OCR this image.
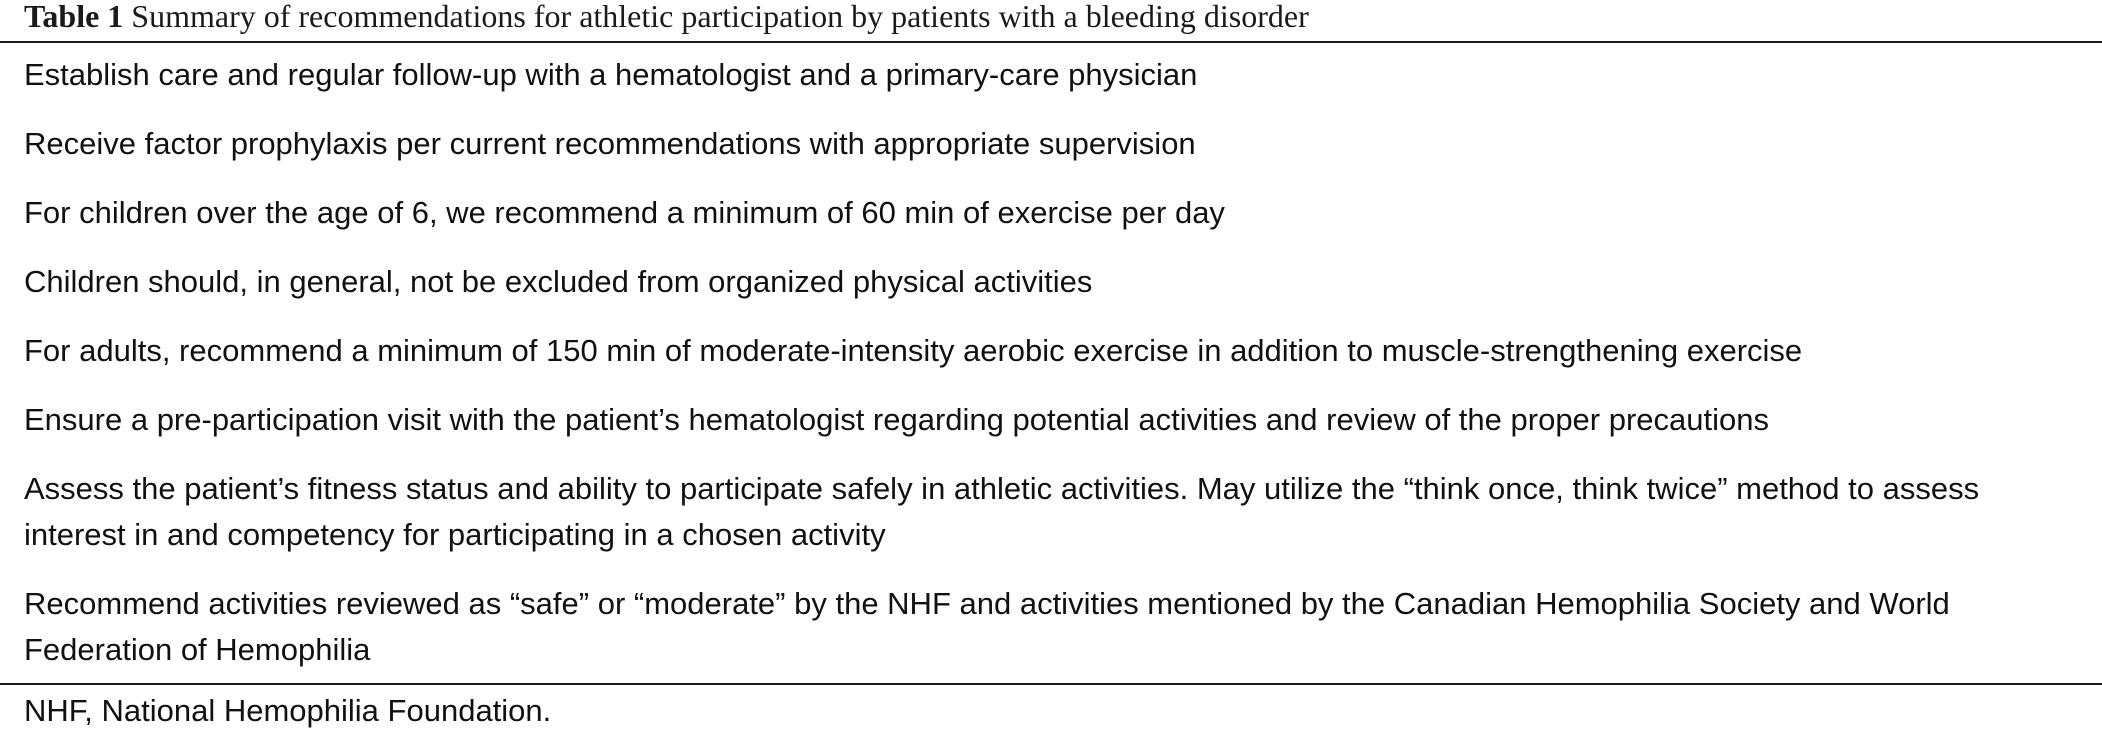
Table 1 Summary of recommendations for athletic participation by patients with a bleeding disorder
Establish care and regular follow-up with a hematologist and a primary-care physician
Receive factor prophylaxis per current recommendations with appropriate supervision
For children over the age of 6, we recommend a minimum of 60 min of exercise per day
Children should, in general, not be excluded from organized physical activities
For adults, recommend a minimum of 150 min of moderate-intensity aerobic exercise in addition to muscle-strengthening exercise
Ensure a pre-participation visit with the patient’s hematologist regarding potential activities and review of the proper precautions
Assess the patient’s fitness status and ability to participate safely in athletic activities. May utilize the “think once, think twice” method to assess interest in and competency for participating in a chosen activity
Recommend activities reviewed as “safe” or “moderate” by the NHF and activities mentioned by the Canadian Hemophilia Society and World Federation of Hemophilia
NHF, National Hemophilia Foundation.
